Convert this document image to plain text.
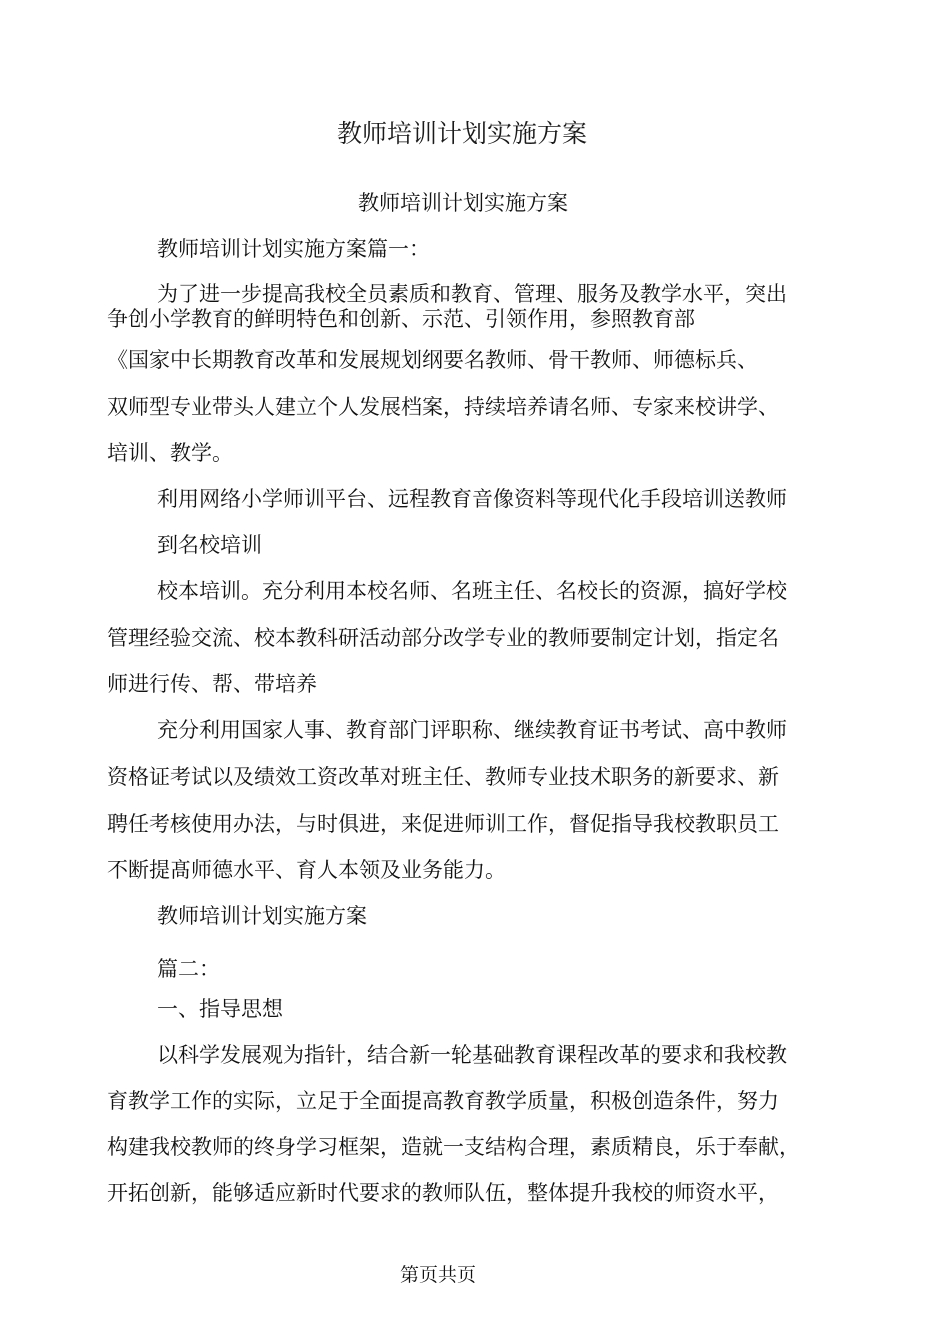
教师培训计划实施方案
教师培训计划实施方案
教师培训计划实施方案篇一：
为了进一步提高我校全员素质和教育、管理、服务及教学水平，突出
争创小学教育的鲜明特色和创新、示范、引领作用，参照教育部
《国家中长期教育改革和发展规划纲要名教师、骨干教师、师德标兵、
双师型专业带头人建立个人发展档案，持续培养请名师、专家来校讲学、
培训、教学。
利用网络小学师训平台、远程教育音像资料等现代化手段培训送教师
到名校培训
校本培训。充分利用本校名师、名班主任、名校长的资源，搞好学校
管理经验交流、校本教科研活动部分改学专业的教师要制定计划，指定名
师进行传、帮、带培养
充分利用国家人事、教育部门评职称、继续教育证书考试、高中教师
资格证考试以及绩效工资改革对班主任、教师专业技术职务的新要求、新
聘任考核使用办法，与时俱进，来促进师训工作，督促指导我校教职员工
不断提髙师德水平、育人本领及业务能力。
教师培训计划实施方案
篇二：
一、指导思想
以科学发展观为指针，结合新一轮基础教育课程改革的要求和我校教
育教学工作的实际，立足于全面提高教育教学质量，积极创造条件，努力
构建我校教师的终身学习框架，造就一支结构合理，素质精良，乐于奉献，
开拓创新，能够适应新时代要求的教师队伍，整体提升我校的师资水平，
第页共页
